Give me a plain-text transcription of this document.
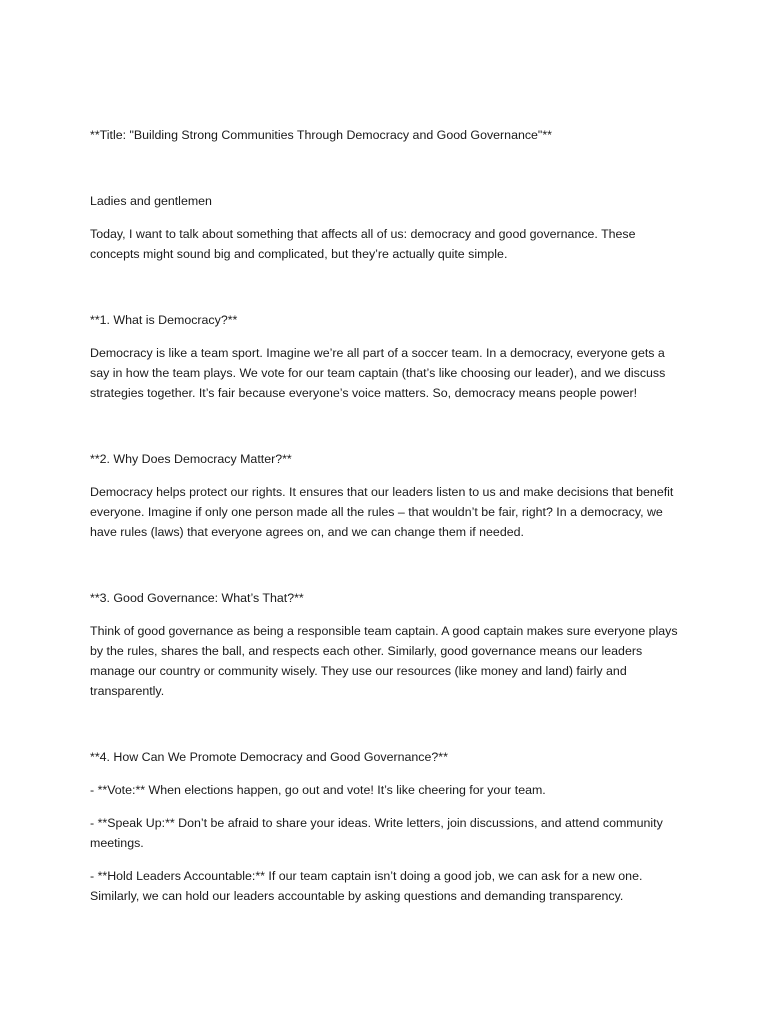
**Title: "Building Strong Communities Through Democracy and Good Governance"**

Ladies and gentlemen

Today, I want to talk about something that affects all of us: democracy and good governance. These concepts might sound big and complicated, but they’re actually quite simple.

**1. What is Democracy?**

Democracy is like a team sport. Imagine we’re all part of a soccer team. In a democracy, everyone gets a say in how the team plays. We vote for our team captain (that’s like choosing our leader), and we discuss strategies together. It’s fair because everyone’s voice matters. So, democracy means people power!

**2. Why Does Democracy Matter?**

Democracy helps protect our rights. It ensures that our leaders listen to us and make decisions that benefit everyone. Imagine if only one person made all the rules – that wouldn’t be fair, right? In a democracy, we have rules (laws) that everyone agrees on, and we can change them if needed.

**3. Good Governance: What’s That?**

Think of good governance as being a responsible team captain. A good captain makes sure everyone plays by the rules, shares the ball, and respects each other. Similarly, good governance means our leaders manage our country or community wisely. They use our resources (like money and land) fairly and transparently.

**4. How Can We Promote Democracy and Good Governance?**

- **Vote:** When elections happen, go out and vote! It’s like cheering for your team.

- **Speak Up:** Don’t be afraid to share your ideas. Write letters, join discussions, and attend community meetings.

- **Hold Leaders Accountable:** If our team captain isn’t doing a good job, we can ask for a new one. Similarly, we can hold our leaders accountable by asking questions and demanding transparency.
